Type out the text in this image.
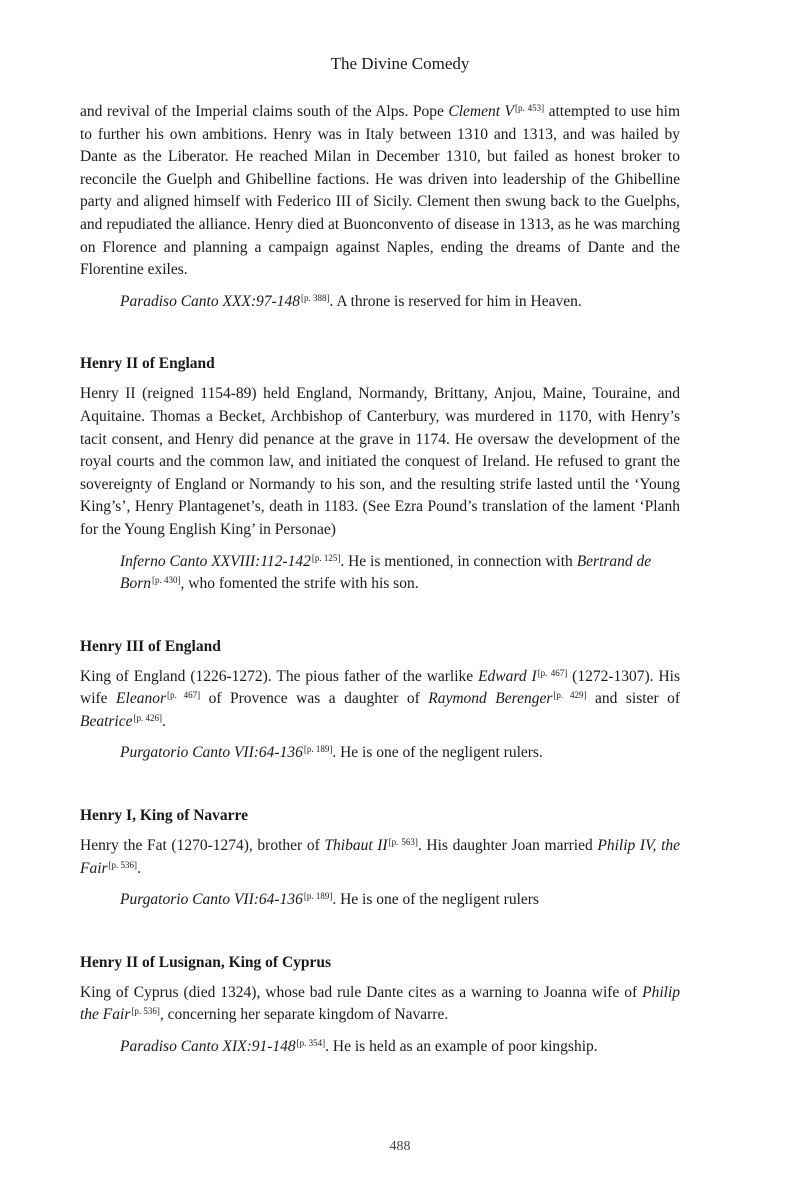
The Divine Comedy

and revival of the Imperial claims south of the Alps. Pope Clement V[p. 453] attempted to use him to further his own ambitions. Henry was in Italy between 1310 and 1313, and was hailed by Dante as the Liberator. He reached Milan in December 1310, but failed as honest broker to reconcile the Guelph and Ghibelline factions. He was driven into leadership of the Ghibelline party and aligned himself with Federico III of Sicily. Clement then swung back to the Guelphs, and repudiated the alliance. Henry died at Buonconvento of disease in 1313, as he was marching on Florence and planning a campaign against Naples, ending the dreams of Dante and the Florentine exiles.

Paradiso Canto XXX:97-148[p. 388]. A throne is reserved for him in Heaven.

Henry II of England

Henry II (reigned 1154-89) held England, Normandy, Brittany, Anjou, Maine, Touraine, and Aquitaine. Thomas a Becket, Archbishop of Canterbury, was murdered in 1170, with Henry’s tacit consent, and Henry did penance at the grave in 1174. He oversaw the development of the royal courts and the common law, and initiated the conquest of Ireland. He refused to grant the sovereignty of England or Normandy to his son, and the resulting strife lasted until the ‘Young King’s’, Henry Plantagenet’s, death in 1183. (See Ezra Pound’s translation of the lament ‘Planh for the Young English King’ in Personae)

Inferno Canto XXVIII:112-142[p. 125]. He is mentioned, in connection with Bertrand de Born[p. 430], who fomented the strife with his son.

Henry III of England

King of England (1226-1272). The pious father of the warlike Edward I[p. 467] (1272-1307). His wife Eleanor[p. 467] of Provence was a daughter of Raymond Berenger[p. 429] and sister of Beatrice[p. 426].

Purgatorio Canto VII:64-136[p. 189]. He is one of the negligent rulers.

Henry I, King of Navarre

Henry the Fat (1270-1274), brother of Thibaut II[p. 563]. His daughter Joan married Philip IV, the Fair[p. 536].

Purgatorio Canto VII:64-136[p. 189]. He is one of the negligent rulers

Henry II of Lusignan, King of Cyprus

King of Cyprus (died 1324), whose bad rule Dante cites as a warning to Joanna wife of Philip the Fair[p. 536], concerning her separate kingdom of Navarre.

Paradiso Canto XIX:91-148[p. 354]. He is held as an example of poor kingship.

488
